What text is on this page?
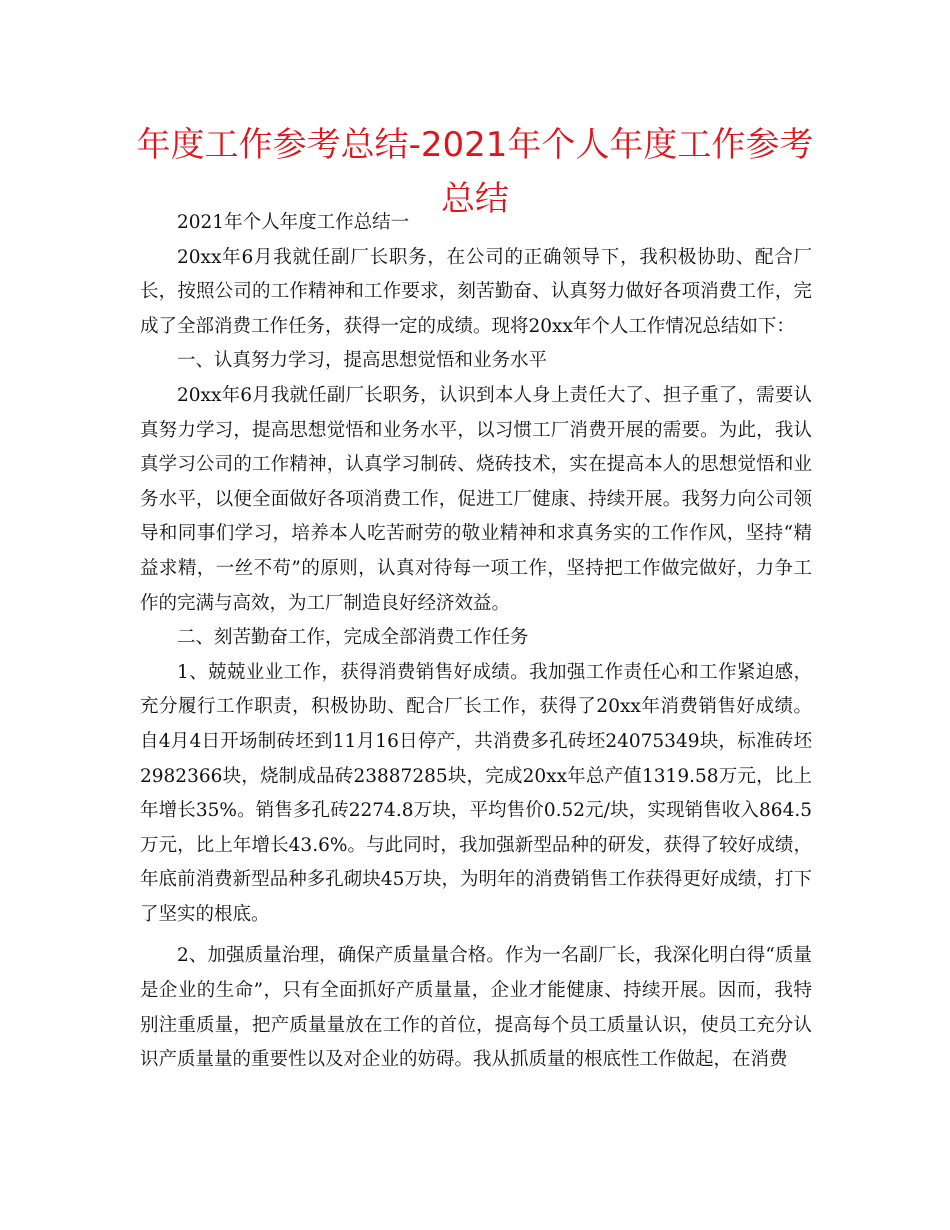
年度工作参考总结-2021年个人年度工作参考总结

2021年个人年度工作总结一

20xx年6月我就任副厂长职务，在公司的正确领导下，我积极协助、配合厂长，按照公司的工作精神和工作要求，刻苦勤奋、认真努力做好各项消费工作，完成了全部消费工作任务，获得一定的成绩。现将20xx年个人工作情况总结如下：

一、认真努力学习，提高思想觉悟和业务水平

20xx年6月我就任副厂长职务，认识到本人身上责任大了、担子重了，需要认真努力学习，提高思想觉悟和业务水平，以习惯工厂消费开展的需要。为此，我认真学习公司的工作精神，认真学习制砖、烧砖技术，实在提高本人的思想觉悟和业务水平，以便全面做好各项消费工作，促进工厂健康、持续开展。我努力向公司领导和同事们学习，培养本人吃苦耐劳的敬业精神和求真务实的工作作风，坚持“精益求精，一丝不苟”的原则，认真对待每一项工作，坚持把工作做完做好，力争工作的完满与高效，为工厂制造良好经济效益。

二、刻苦勤奋工作，完成全部消费工作任务

1、兢兢业业工作，获得消费销售好成绩。我加强工作责任心和工作紧迫感，充分履行工作职责，积极协助、配合厂长工作，获得了20xx年消费销售好成绩。自4月4日开场制砖坯到11月16日停产，共消费多孔砖坯24075349块，标准砖坯2982366块，烧制成品砖23887285块，完成20xx年总产值1319.58万元，比上年增长35%。销售多孔砖2274.8万块，平均售价0.52元/块，实现销售收入864.5万元，比上年增长43.6%。与此同时，我加强新型品种的研发，获得了较好成绩，年底前消费新型品种多孔砌块45万块，为明年的消费销售工作获得更好成绩，打下了坚实的根底。

2、加强质量治理，确保产质量量合格。作为一名副厂长，我深化明白得“质量是企业的生命”，只有全面抓好产质量量，企业才能健康、持续开展。因而，我特别注重质量，把产质量量放在工作的首位，提高每个员工质量认识，使员工充分认识产质量量的重要性以及对企业的妨碍。我从抓质量的根底性工作做起，在消费
